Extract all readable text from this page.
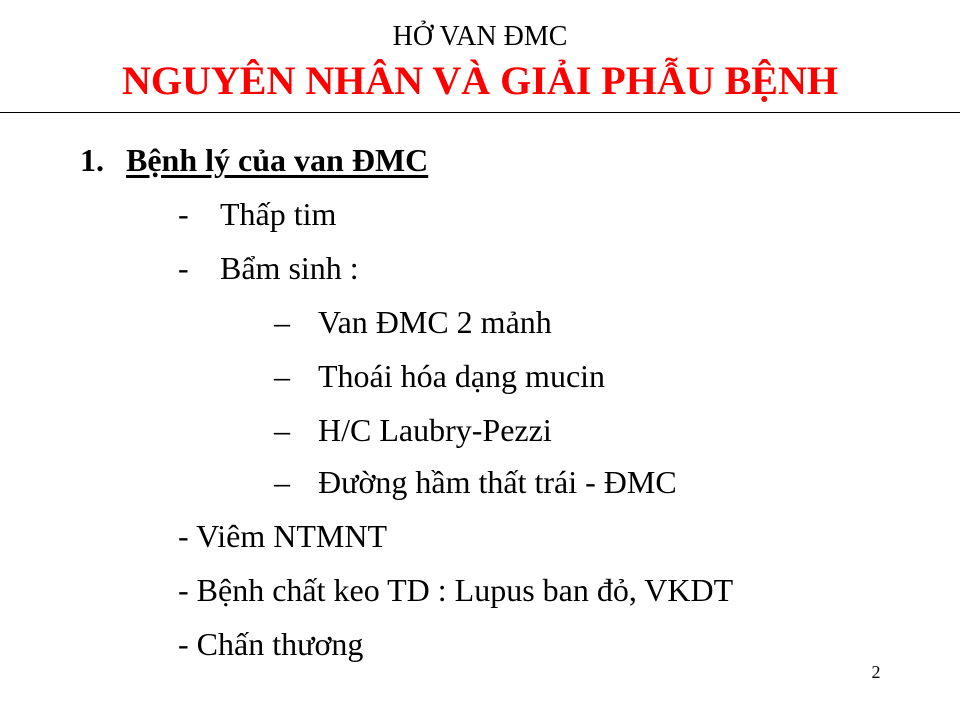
HỞ VAN ĐMC
NGUYÊN NHÂN VÀ GIẢI PHẪU BỆNH
1. Bệnh lý của van ĐMC
- Thấp tim
- Bẩm sinh :
– Van ĐMC 2 mảnh
– Thoái hóa dạng mucin
– H/C Laubry-Pezzi
– Đường hầm thất trái - ĐMC
- Viêm NTMNT
- Bệnh chất keo TD : Lupus ban đỏ, VKDT
- Chấn thương
2
